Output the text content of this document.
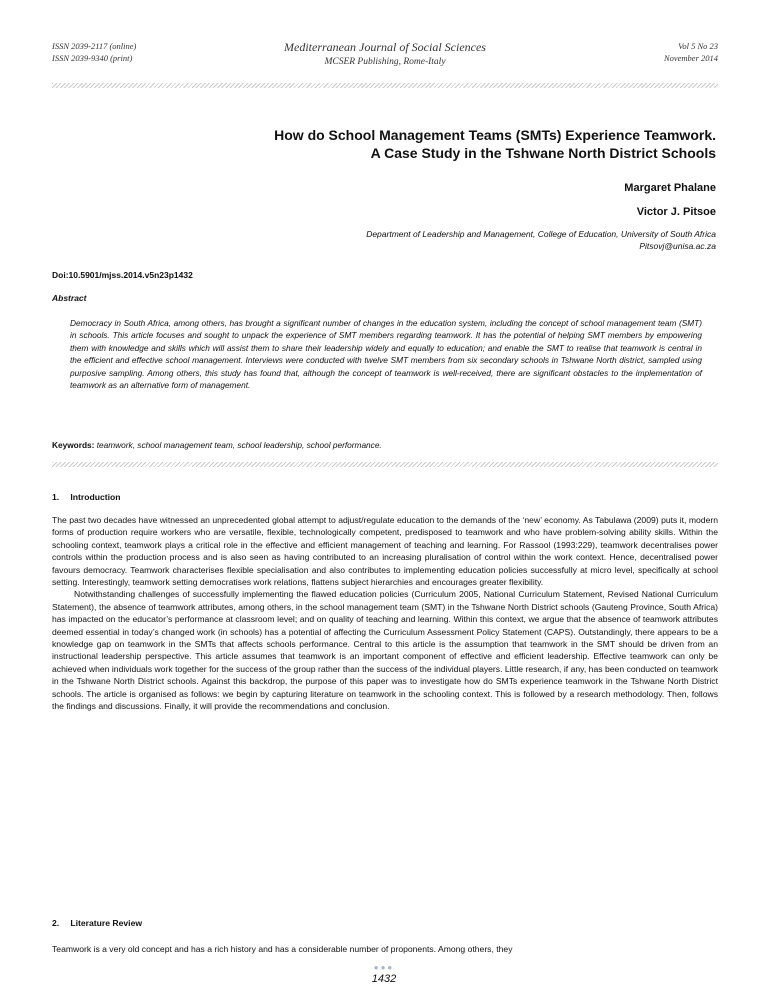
ISSN 2039-2117 (online)
ISSN 2039-9340 (print)
Mediterranean Journal of Social Sciences
MCSER Publishing, Rome-Italy
Vol 5 No 23
November 2014
How do School Management Teams (SMTs) Experience Teamwork.
A Case Study in the Tshwane North District Schools
Margaret Phalane
Victor J. Pitsoe
Department of Leadership and Management, College of Education, University of South Africa
Pitsovj@unisa.ac.za
Doi:10.5901/mjss.2014.v5n23p1432
Abstract
Democracy in South Africa, among others, has brought a significant number of changes in the education system, including the concept of school management team (SMT) in schools. This article focuses and sought to unpack the experience of SMT members regarding teamwork. It has the potential of helping SMT members by empowering them with knowledge and skills which will assist them to share their leadership widely and equally to education; and enable the SMT to realise that teamwork is central in the efficient and effective school management. Interviews were conducted with twelve SMT members from six secondary schools in Tshwane North district, sampled using purposive sampling. Among others, this study has found that, although the concept of teamwork is well-received, there are significant obstacles to the implementation of teamwork as an alternative form of management.
Keywords: teamwork, school management team, school leadership, school performance.
1. Introduction

The past two decades have witnessed an unprecedented global attempt to adjust/regulate education to the demands of the ‘new’ economy. As Tabulawa (2009) puts it, modern forms of production require workers who are versatile, flexible, technologically competent, predisposed to teamwork and who have problem-solving ability skills. Within the schooling context, teamwork plays a critical role in the effective and efficient management of teaching and learning. For Rassool (1993:229), teamwork decentralises power controls within the production process and is also seen as having contributed to an increasing pluralisation of control within the work context. Hence, decentralised power favours democracy. Teamwork characterises flexible specialisation and also contributes to implementing education policies successfully at micro level, specifically at school setting. Interestingly, teamwork setting democratises work relations, flattens subject hierarchies and encourages greater flexibility.

Notwithstanding challenges of successfully implementing the flawed education policies (Curriculum 2005, National Curriculum Statement, Revised National Curriculum Statement), the absence of teamwork attributes, among others, in the school management team (SMT) in the Tshwane North District schools (Gauteng Province, South Africa) has impacted on the educator’s performance at classroom level; and on quality of teaching and learning. Within this context, we argue that the absence of teamwork attributes deemed essential in today’s changed work (in schools) has a potential of affecting the Curriculum Assessment Policy Statement (CAPS). Outstandingly, there appears to be a knowledge gap on teamwork in the SMTs that affects schools performance. Central to this article is the assumption that teamwork in the SMT should be driven from an instructional leadership perspective. This article assumes that teamwork is an important component of effective and efficient leadership. Effective teamwork can only be achieved when individuals work together for the success of the group rather than the success of the individual players. Little research, if any, has been conducted on teamwork in the Tshwane North District schools. Against this backdrop, the purpose of this paper was to investigate how do SMTs experience teamwork in the Tshwane North District schools. The article is organised as follows: we begin by capturing literature on teamwork in the schooling context. This is followed by a research methodology. Then, follows the findings and discussions. Finally, it will provide the recommendations and conclusion.

2. Literature Review

Teamwork is a very old concept and has a rich history and has a considerable number of proponents. Among others, they

●●●
1432
